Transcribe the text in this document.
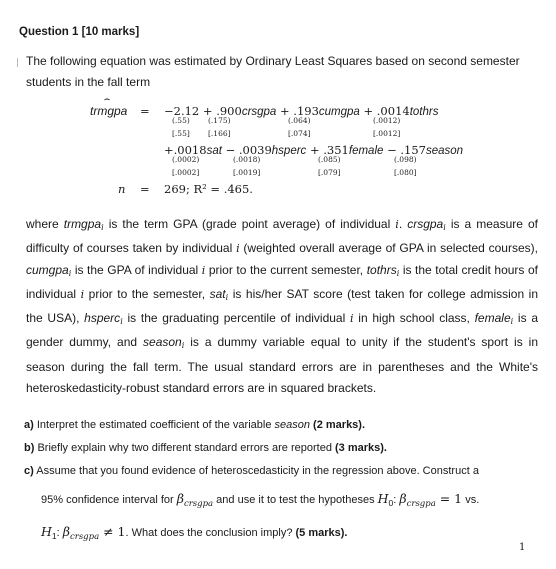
Question 1 [10 marks]
The following equation was estimated by Ordinary Least Squares based on second semester students in the fall term
trmgpa
⌢
= −2.12 + .900crsgpa + .193cumgpa + .0014tothrs
(.55) (.175)	(.064)	(.0012)
[.55] [.166]	[.074]	[.0012]
+.0018sat − .0039hsperc + .351female − .157season
(.0002)	(.0018)	(.085)	(.098)
[.0002]	[.0019]	[.079]	[.080]
n = 269; R² = .465.
where trmgpa$_i$ is the term GPA (grade point average) of individual i. crsgpa$_i$ is a measure of difficulty of courses taken by individual i (weighted overall average of GPA in selected courses), cumgpa$_i$ is the GPA of individual i prior to the current semester, tothrs$_i$ is the total credit hours of individual i prior to the semester, sat$_i$ is his/her SAT score (test taken for college admission in the USA), hsperc$_i$ is the graduating percentile of individual i in high school class, female$_i$ is a gender dummy, and season$_i$ is a dummy variable equal to unity if the student's sport is in season during the fall term. The usual standard errors are in parentheses and the White's heteroskedasticity-robust standard errors are in squared brackets.

a) Interpret the estimated coefficient of the variable season (2 marks).

b) Briefly explain why two different standard errors are reported (3 marks).

c) Assume that you found evidence of heteroscedasticity in the regression above. Construct a

95% confidence interval for $\beta_{crsgpa}$ and use it to test the hypotheses $H_0$: $\beta_{crsgpa} = 1$ vs.

$H_1$: $\beta_{crsgpa} \ne 1$. What does the conclusion imply? (5 marks).

1
